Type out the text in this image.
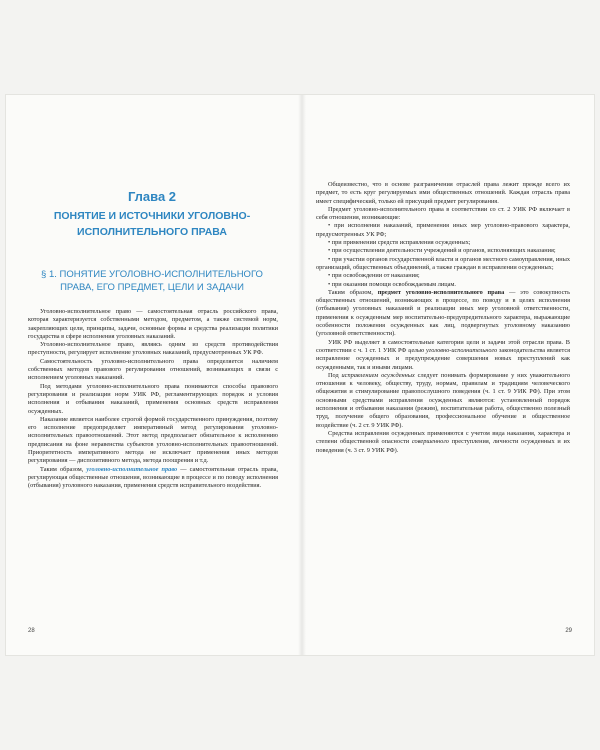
Глава 2
ПОНЯТИЕ И ИСТОЧНИКИ УГОЛОВНО-ИСПОЛНИТЕЛЬНОГО ПРАВА
§ 1. ПОНЯТИЕ УГОЛОВНО-ИСПОЛНИТЕЛЬНОГО ПРАВА, ЕГО ПРЕДМЕТ, ЦЕЛИ И ЗАДАЧИ

Уголовно-исполнительное право — самостоятельная отрасль российского права, которая характеризуется собственными методом, предметом, а также системой норм, закрепляющих цели, принципы, задачи, основные формы и средства реализации политики государства в сфере исполнения уголовных наказаний.

Уголовно-исполнительное право, являясь одним из средств противодействия преступности, регулирует исполнение уголовных наказаний, предусмотренных УК РФ.

Самостоятельность уголовно-исполнительного права определяется наличием собственных методов правового регулирования отношений, возникающих в связи с исполнением уголовных наказаний.

Под методами уголовно-исполнительного права понимаются способы правового регулирования и реализации норм УИК РФ, регламентирующих порядок и условия исполнения и отбывания наказаний, применения основных средств исправления осужденных.

Наказание является наиболее строгой формой государственного принуждения, поэтому его исполнение предопределяет императивный метод регулирования уголовно-исполнительных правоотношений. Этот метод предполагает обязательное к исполнению предписания на фоне неравенства субъектов уголовно-исполнительных правоотношений. Приоритетность императивного метода не исключает применения иных методов регулирования — диспозитивного метода, метода поощрения и т.д.

Таким образом, уголовно-исполнительное право — самостоятельная отрасль права, регулирующая общественные отношения, возникающие в процессе и по поводу исполнения (отбывания) уголовного наказания, применения средств исправительного воздействия.

28

Общеизвестно, что в основе разграничения отраслей права лежит прежде всего их предмет, то есть круг регулируемых ими общественных отношений. Каждая отрасль права имеет специфический, только ей присущий предмет регулирования.

Предмет уголовно-исполнительного права в соответствии со ст. 2 УИК РФ включает в себя отношения, возникающие:

• при исполнении наказаний, применения иных мер уголовно-правового характера, предусмотренных УК РФ;

• при применении средств исправления осужденных;

• при осуществлении деятельности учреждений и органов, исполняющих наказания;

• при участии органов государственной власти и органов местного самоуправления, иных организаций, общественных объединений, а также граждан в исправлении осужденных;

• при освобождении от наказания;

• при оказании помощи освобождаемым лицам.

Таким образом, предмет уголовно-исполнительного права — это совокупность общественных отношений, возникающих в процессе, по поводу и в целях исполнения (отбывания) уголовных наказаний и реализации иных мер уголовной ответственности, применения к осужденным мер воспитательно-предупредительного характера, выражающие особенности положения осужденных как лиц, подвергнутых уголовному наказанию (уголовной ответственности).

УИК РФ выделяет в самостоятельные категории цели и задачи этой отрасли права. В соответствии с ч. 1 ст. 1 УИК РФ целью уголовно-исполнительного законодательства является исправление осужденных и предупреждение совершения новых преступлений как осужденными, так и иными лицами.

Под исправлением осужденных следует понимать формирование у них уважительного отношения к человеку, обществу, труду, нормам, правилам и традициям человеческого общежития и стимулирование правопослушного поведения (ч. 1 ст. 9 УИК РФ). При этом основными средствами исправления осужденных являются: установленный порядок исполнения и отбывания наказания (режим), воспитательная работа, общественно полезный труд, получение общего образования, профессиональное обучение и общественное воздействие (ч. 2 ст. 9 УИК РФ).

Средства исправления осужденных применяются с учетом вида наказания, характера и степени общественной опасности совершенного преступления, личности осужденных и их поведения (ч. 3 ст. 9 УИК РФ).

29
